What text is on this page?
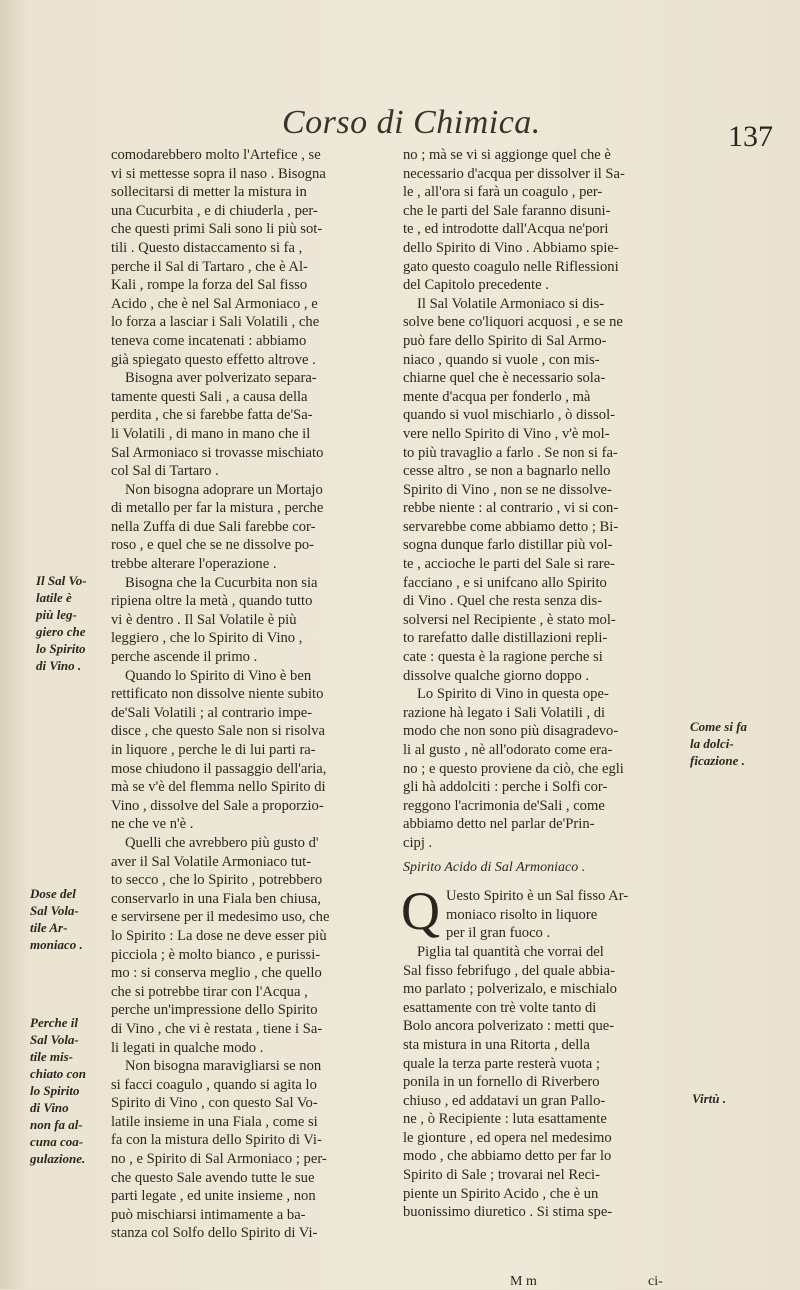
Corso di Chimica.	137

comodarebbero molto l'Artefice , se
vi si mettesse sopra il naso . Bisogna
sollecitarsi di metter la mistura in
una Cucurbita , e di chiuderla , per-
che questi primi Sali sono li più sot-
tili . Questo distaccamento si fa ,
perche il Sal di Tartaro , che è Al-
Kali , rompe la forza del Sal fisso
Acido , che è nel Sal Armoniaco , e
lo forza a lasciar i Sali Volatili , che
teneva come incatenati : abbiamo
già spiegato questo effetto altrove .

Bisogna aver polverizato separa-
tamente questi Sali , a causa della
perdita , che si farebbe fatta de'Sa-
li Volatili , di mano in mano che il
Sal Armoniaco si trovasse mischiato
col Sal di Tartaro .

Non bisogna adoprare un Mortajo
di metallo per far la mistura , perche
nella Zuffa di due Sali farebbe cor-
roso , e quel che se ne dissolve po-
trebbe alterare l'operazione .

Bisogna che la Cucurbita non sia
ripiena oltre la metà , quando tutto
vi è dentro . Il Sal Volatile è più
leggiero , che lo Spirito di Vino ,
perche ascende il primo .

Quando lo Spirito di Vino è ben
rettificato non dissolve niente subito
de'Sali Volatili ; al contrario impe-
disce , che questo Sale non si risolva
in liquore , perche le di lui parti ra-
mose chiudono il passaggio dell'aria,
mà se v'è del flemma nello Spirito di
Vino , dissolve del Sale a proporzio-
ne che ve n'è .

Quelli che avrebbero più gusto d'
aver il Sal Volatile Armoniaco tut-
to secco , che lo Spirito , potrebbero
conservarlo in una Fiala ben chiusa,
e servirsene per il medesimo uso, che
lo Spirito : La dose ne deve esser più
picciola ; è molto bianco , e purissi-
mo : si conserva meglio , che quello
che si potrebbe tirar con l'Acqua ,
perche un'impressione dello Spirito
di Vino , che vi è restata , tiene i Sa-
li legati in qualche modo .

Non bisogna maravigliarsi se non
si facci coagulo , quando si agita lo
Spirito di Vino , con questo Sal Vo-
latile insieme in una Fiala , come si
fa con la mistura dello Spirito di Vi-
no , e Spirito di Sal Armoniaco ; per-
che questo Sale avendo tutte le sue
parti legate , ed unite insieme , non
può mischiarsi intimamente a ba-
stanza col Solfo dello Spirito di Vi-

no ; mà se vi si aggionge quel che è
necessario d'acqua per dissolver il Sa-
le , all'ora si farà un coagulo , per-
che le parti del Sale faranno disuni-
te , ed introdotte dall'Acqua ne'pori
dello Spirito di Vino . Abbiamo spie-
gato questo coagulo nelle Riflessioni
del Capitolo precedente .

Il Sal Volatile Armoniaco si dis-
solve bene co'liquori acquosi , e se ne
può fare dello Spirito di Sal Armo-
niaco , quando si vuole , con mis-
chiarne quel che è necessario sola-
mente d'acqua per fonderlo , mà
quando si vuol mischiarlo , ò dissol-
vere nello Spirito di Vino , v'è mol-
to più travaglio a farlo . Se non si fa-
cesse altro , se non a bagnarlo nello
Spirito di Vino , non se ne dissolve-
rebbe niente : al contrario , vi si con-
servarebbe come abbiamo detto ; Bi-
sogna dunque farlo distillar più vol-
te , accioche le parti del Sale si rare-
facciano , e si unifcano allo Spirito
di Vino . Quel che resta senza dis-
solversi nel Recipiente , è stato mol-
to rarefatto dalle distillazioni repli-
cate : questa è la ragione perche si
dissolve qualche giorno doppo .

Lo Spirito di Vino in questa ope-
razione hà legato i Sali Volatili , di
modo che non sono più disagradevo-
li al gusto , nè all'odorato come era-
no ; e questo proviene da ciò, che egli
gli hà addolciti : perche i Solfi cor-
reggono l'acrimonia de'Sali , come
abbiamo detto nel parlar de'Prin-
cipj .

Spirito Acido di Sal Armoniaco .

Q Uesto Spirito è un Sal fisso Ar-
moniaco risolto in liquore
per il gran fuoco .

Piglia tal quantità che vorrai del
Sal fisso febrifugo , del quale abbia-
mo parlato ; polverizalo, e mischialo
esattamente con trè volte tanto di
Bolo ancora polverizato : metti que-
sta mistura in una Ritorta , della
quale la terza parte resterà vuota ;
ponila in un fornello di Riverbero
chiuso , ed addatavi un gran Pallo-
ne , ò Recipiente : luta esattamente
le gionture , ed opera nel medesimo
modo , che abbiamo detto per far lo
Spirito di Sale ; trovarai nel Reci-
piente un Spirito Acido , che è un
buonissimo diuretico . Si stima spe-

Il Sal Vo-
latile è
più leg-
giero che
lo Spirito
di Vino .
Dose del
Sal Vola-
tile Ar-
moniaco .
Perche il
Sal Vola-
tile mis-
chiato con
lo Spirito
di Vino
non fa al-
cuna coa-
gulazione.
Come si fa
la dolci-
ficazione .
Virtù .
M m	ci-
